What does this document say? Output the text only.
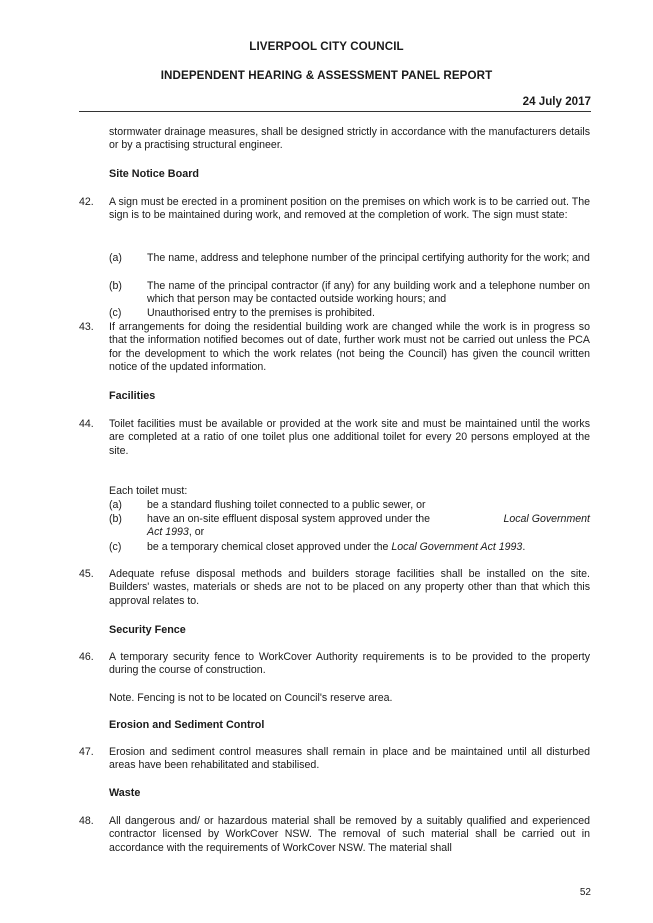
LIVERPOOL CITY COUNCIL
INDEPENDENT HEARING & ASSESSMENT PANEL REPORT
24 July 2017
stormwater drainage measures, shall be designed strictly in accordance with the manufacturers details or by a practising structural engineer.
Site Notice Board
42.	A sign must be erected in a prominent position on the premises on which work is to be carried out. The sign is to be maintained during work, and removed at the completion of work. The sign must state:
(a)	The name, address and telephone number of the principal certifying authority for the work; and
(b)	The name of the principal contractor (if any) for any building work and a telephone number on which that person may be contacted outside working hours; and
(c)	Unauthorised entry to the premises is prohibited.
43.	If arrangements for doing the residential building work are changed while the work is in progress so that the information notified becomes out of date, further work must not be carried out unless the PCA for the development to which the work relates (not being the Council) has given the council written notice of the updated information.
Facilities
44.	Toilet facilities must be available or provided at the work site and must be maintained until the works are completed at a ratio of one toilet plus one additional toilet for every 20 persons employed at the site.
Each toilet must:
(a)	be a standard flushing toilet connected to a public sewer, or
(b)	have an on-site effluent disposal system approved under the	Local Government
Act 1993, or
(c)	be a temporary chemical closet approved under the Local Government Act 1993.
45.	Adequate refuse disposal methods and builders storage facilities shall be installed on the site. Builders' wastes, materials or sheds are not to be placed on any property other than that which this approval relates to.
Security Fence
46.	A temporary security fence to WorkCover Authority requirements is to be provided to the property during the course of construction.
Note. Fencing is not to be located on Council's reserve area.
Erosion and Sediment Control
47.	Erosion and sediment control measures shall remain in place and be maintained until all disturbed areas have been rehabilitated and stabilised.
Waste
48.	All dangerous and/ or hazardous material shall be removed by a suitably qualified and experienced contractor licensed by WorkCover NSW. The removal of such material shall be carried out in accordance with the requirements of WorkCover NSW. The material shall
52
